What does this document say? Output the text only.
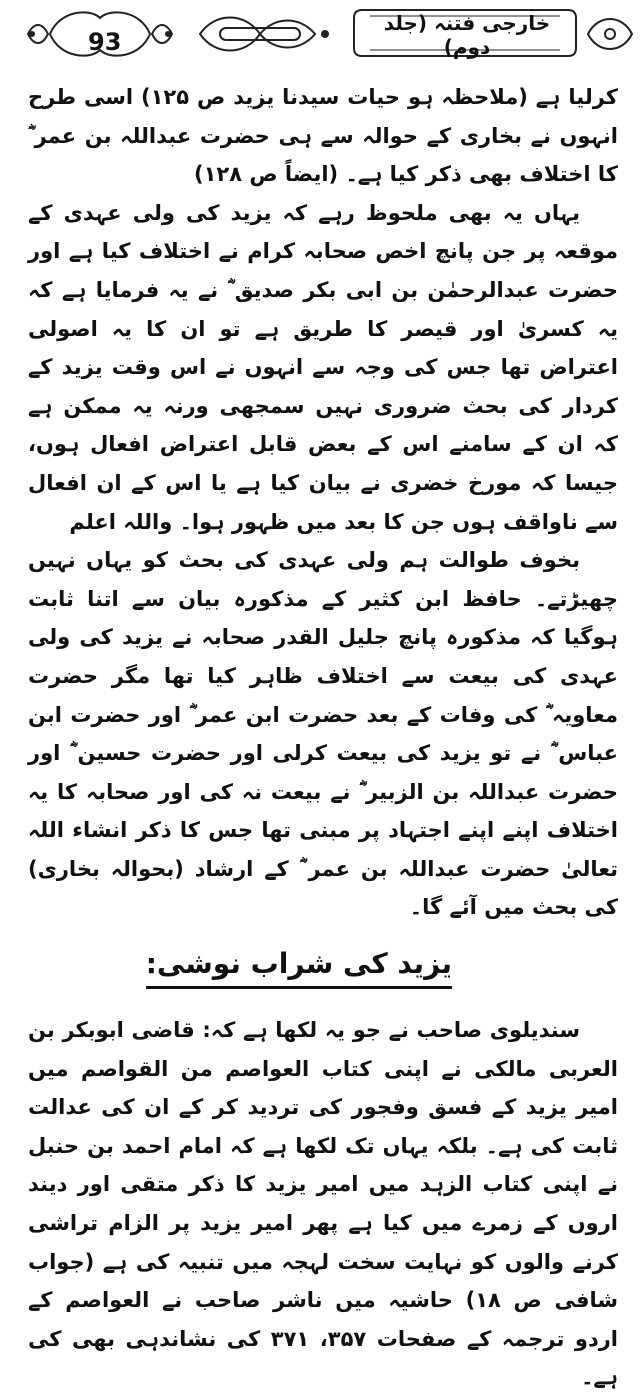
93
خارجی فتنہ (جلد دوم)

کرلیا ہے (ملاحظہ ہو حیات سیدنا یزید ص ۱۲۵) اسی طرح انہوں نے بخاری کے حوالہ سے ہی حضرت عبداللہ بن عمر ؓ کا اختلاف بھی ذکر کیا ہے۔ (ایضاً ص ۱۲۸)

یہاں یہ بھی ملحوظ رہے کہ یزید کی ولی عہدی کے موقعہ پر جن پانچ اخص صحابہ کرام نے اختلاف کیا ہے اور حضرت عبدالرحمٰن بن ابی بکر صدیق ؓ نے یہ فرمایا ہے کہ یہ کسریٰ اور قیصر کا طریق ہے تو ان کا یہ اصولی اعتراض تھا جس کی وجہ سے انہوں نے اس وقت یزید کے کردار کی بحث ضروری نہیں سمجھی ورنہ یہ ممکن ہے کہ ان کے سامنے اس کے بعض قابل اعتراض افعال ہوں، جیسا کہ مورخ خضری نے بیان کیا ہے یا اس کے ان افعال سے ناواقف ہوں جن کا بعد میں ظہور ہوا۔ واللہ اعلم

بخوف طوالت ہم ولی عہدی کی بحث کو یہاں نہیں چھیڑتے۔ حافظ ابن کثیر کے مذکورہ بیان سے اتنا ثابت ہوگیا کہ مذکورہ پانچ جلیل القدر صحابہ نے یزید کی ولی عہدی کی بیعت سے اختلاف ظاہر کیا تھا مگر حضرت معاویہ ؓ کی وفات کے بعد حضرت ابن عمر ؓ اور حضرت ابن عباس ؓ نے تو یزید کی بیعت کرلی اور حضرت حسین ؓ اور حضرت عبداللہ بن الزبیر ؓ نے بیعت نہ کی اور صحابہ کا یہ اختلاف اپنے اپنے اجتہاد پر مبنی تھا جس کا ذکر انشاء اللہ تعالیٰ حضرت عبداللہ بن عمر ؓ کے ارشاد (بحوالہ بخاری) کی بحث میں آئے گا۔

یزید کی شراب نوشی:

سندیلوی صاحب نے جو یہ لکھا ہے کہ: قاضی ابوبکر بن العربی مالکی نے اپنی کتاب العواصم من القواصم میں امیر یزید کے فسق وفجور کی تردید کر کے ان کی عدالت ثابت کی ہے۔ بلکہ یہاں تک لکھا ہے کہ امام احمد بن حنبل نے اپنی کتاب الزہد میں امیر یزید کا ذکر متقی اور دیند اروں کے زمرے میں کیا ہے پھر امیر یزید پر الزام تراشی کرنے والوں کو نہایت سخت لہجہ میں تنبیہ کی ہے (جواب شافی ص ۱۸) حاشیہ میں ناشر صاحب نے العواصم کے اردو ترجمہ کے صفحات ۳۵۷، ۳۷۱ کی نشاندہی بھی کی ہے۔
